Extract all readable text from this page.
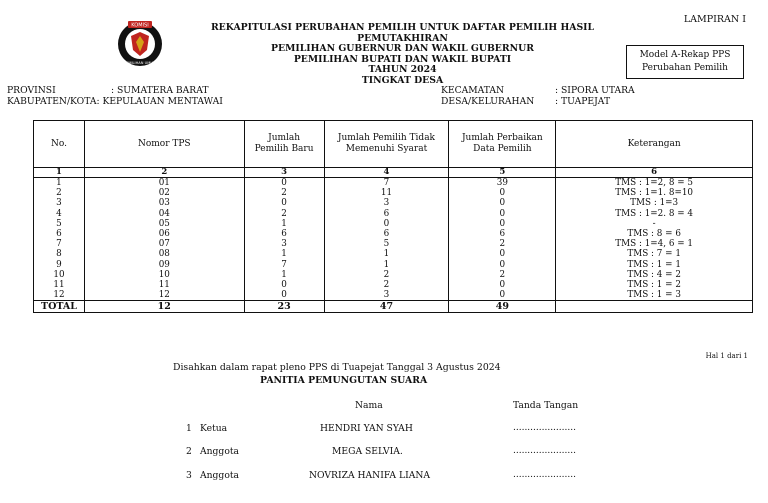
LAMPIRAN I
KOMISI
PEMILIHAN UMUM
REKAPITULASI PERUBAHAN PEMILIH UNTUK DAFTAR PEMILIH HASIL PEMUTAKHIRAN
PEMILIHAN GUBERNUR DAN WAKIL GUBERNUR
PEMILIHAN BUPATI DAN WAKIL BUPATI
TAHUN 2024
TINGKAT DESA
Model A-Rekap PPS
Perubahan Pemilih
PROVINSI	: SUMATERA BARAT
KABUPATEN/KOTA: KEPULAUAN MENTAWAI
KECAMATAN	: SIPORA UTARA
DESA/KELURAHAN : TUAPEJAT
No.	Nomor TPS	Jumlah Pemilih Baru	Jumlah Pemilih Tidak Memenuhi Syarat	Jumlah Perbaikan Data Pemilih	Keterangan
1	2	3	4	5	6
1	01	0	7	39	TMS : 1=2, 8 = 5
2	02	2	11	0	TMS : 1=1. 8=10
3	03	0	3	0	TMS : 1=3
4	04	2	6	0	TMS : 1=2. 8 = 4
5	05	1	0	0	-
6	06	6	6	6	TMS : 8 = 6
7	07	3	5	2	TMS : 1=4, 6 = 1
8	08	1	1	0	TMS : 7 = 1
9	09	7	1	0	TMS : 1 = 1
10	10	1	2	2	TMS : 4 = 2
11	11	0	2	0	TMS : 1 = 2
12	12	0	3	0	TMS : 1 = 3
TOTAL	12	23	47	49	
Hal 1 dari 1
Disahkan dalam rapat pleno PPS di Tuapejat Tanggal 3 Agustus 2024
PANITIA PEMUNGUTAN SUARA
Nama	Tanda Tangan
1 Ketua	HENDRI YAN SYAH	......................
2 Anggota	MEGA SELVIA.	......................
3 Anggota	NOVRIZA HANIFA LIANA	......................
